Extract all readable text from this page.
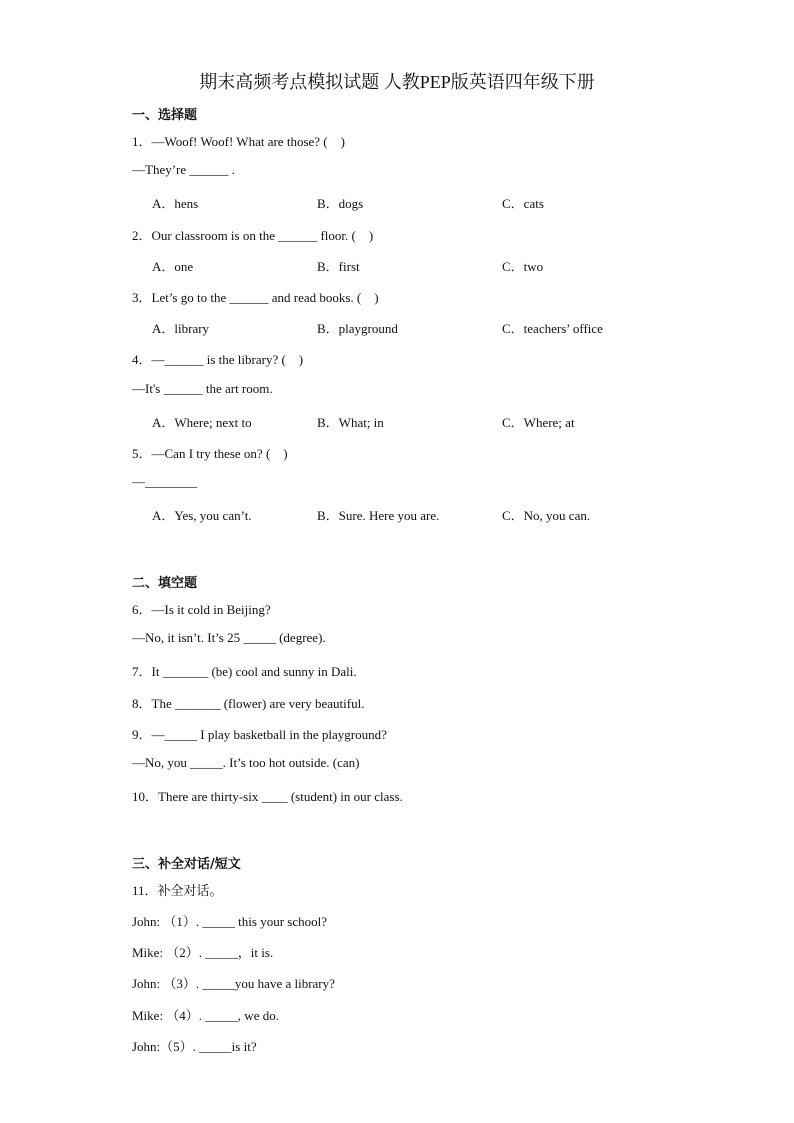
期末高频考点模拟试题 人教PEP版英语四年级下册
一、选择题
1．—Woof! Woof! What are those? (　)
—They’re ______ .
A．hens	B．dogs	C．cats
2．Our classroom is on the ______ floor. (　)
A．one	B．first	C．two
3．Let’s go to the ______ and read books. (　)
A．library	B．playground	C．teachers’ office
4．—______ is the library? (　)
—It's ______ the art room.
A．Where; next to	B．What; in	C．Where; at
5．—Can I try these on? (　)
—________
A．Yes, you can’t.	B．Sure. Here you are.	C．No, you can.
二、填空题
6．—Is it cold in Beijing?
—No, it isn’t. It’s 25 _____ (degree).
7．It _______ (be) cool and sunny in Dali.
8．The _______ (flower) are very beautiful.
9．—_____ I play basketball in the playground?
—No, you _____. It’s too hot outside. (can)
10．There are thirty-six ____ (student) in our class.
三、补全对话/短文
11．补全对话。
John: （1）. _____ this your school?
Mike: （2）. _____，it is.
John: （3）. _____you have a library?
Mike: （4）. _____, we do.
John:（5）. _____is it?
